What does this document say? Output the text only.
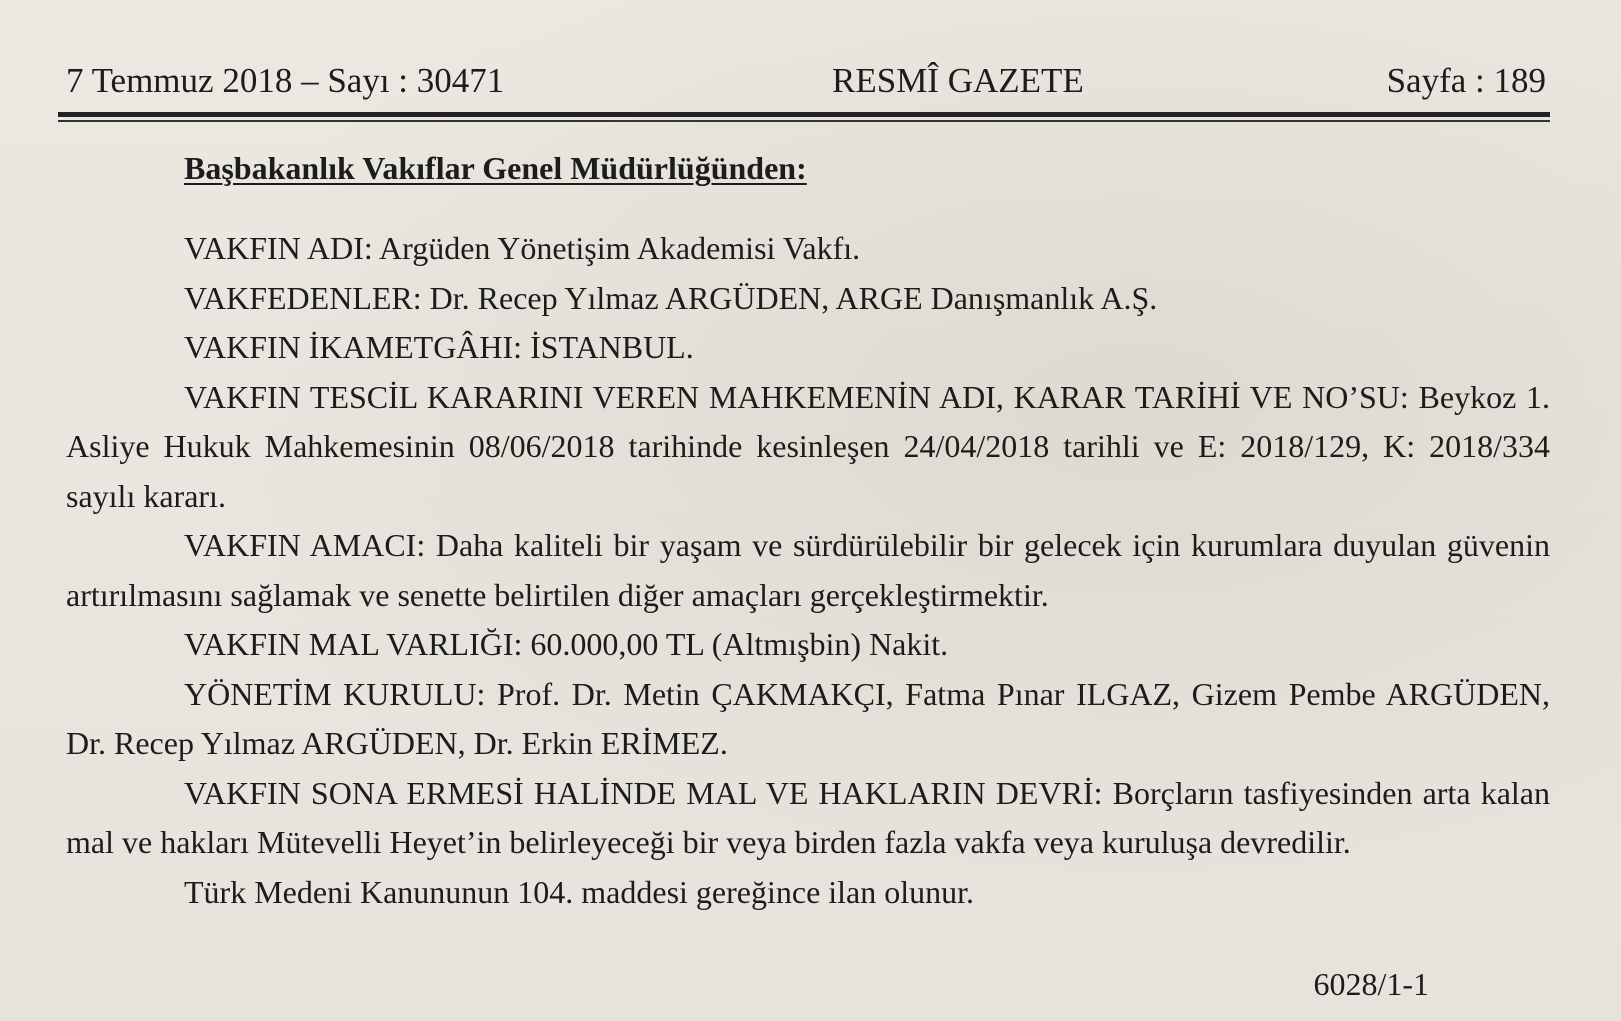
7 Temmuz 2018 – Sayı : 30471	RESMÎ GAZETE	Sayfa : 189
Başbakanlık Vakıflar Genel Müdürlüğünden:

VAKFIN ADI: Argüden Yönetişim Akademisi Vakfı.

VAKFEDENLER: Dr. Recep Yılmaz ARGÜDEN, ARGE Danışmanlık A.Ş.

VAKFIN İKAMETGÂHI: İSTANBUL.

VAKFIN TESCİL KARARINI VEREN MAHKEMENİN ADI, KARAR TARİHİ VE NO’SU: Beykoz 1. Asliye Hukuk Mahkemesinin 08/06/2018 tarihinde kesinleşen 24/04/2018 tarihli ve E: 2018/129, K: 2018/334 sayılı kararı.

VAKFIN AMACI: Daha kaliteli bir yaşam ve sürdürülebilir bir gelecek için kurumlara duyulan güvenin artırılmasını sağlamak ve senette belirtilen diğer amaçları gerçekleştirmektir.

VAKFIN MAL VARLIĞI: 60.000,00 TL (Altmışbin) Nakit.

YÖNETİM KURULU: Prof. Dr. Metin ÇAKMAKÇI, Fatma Pınar ILGAZ, Gizem Pembe ARGÜDEN, Dr. Recep Yılmaz ARGÜDEN, Dr. Erkin ERİMEZ.

VAKFIN SONA ERMESİ HALİNDE MAL VE HAKLARIN DEVRİ: Borçların tasfiyesinden arta kalan mal ve hakları Mütevelli Heyet’in belirleyeceği bir veya birden fazla vakfa veya kuruluşa devredilir.

Türk Medeni Kanununun 104. maddesi gereğince ilan olunur.

6028/1-1
